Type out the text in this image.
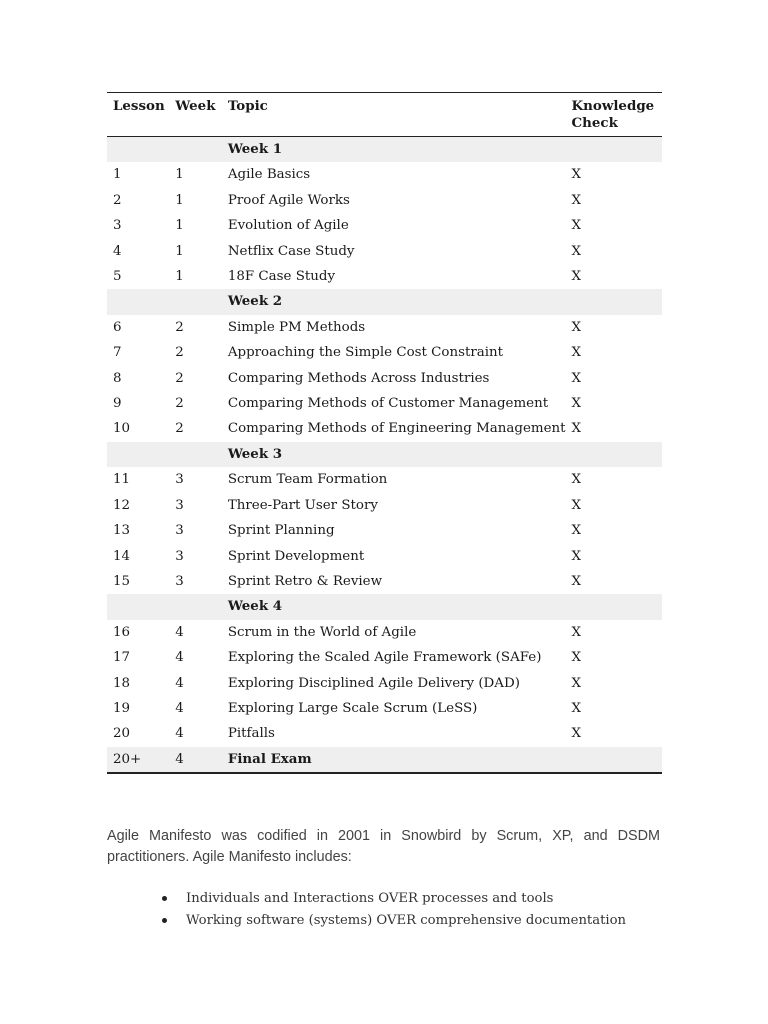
Lesson	Week	Topic	Knowledge Check
		Week 1	
1	1	Agile Basics	X
2	1	Proof Agile Works	X
3	1	Evolution of Agile	X
4	1	Netflix Case Study	X
5	1	18F Case Study	X
		Week 2	
6	2	Simple PM Methods	X
7	2	Approaching the Simple Cost Constraint	X
8	2	Comparing Methods Across Industries	X
9	2	Comparing Methods of Customer Management	X
10	2	Comparing Methods of Engineering Management	X
		Week 3	
11	3	Scrum Team Formation	X
12	3	Three-Part User Story	X
13	3	Sprint Planning	X
14	3	Sprint Development	X
15	3	Sprint Retro & Review	X
		Week 4	
16	4	Scrum in the World of Agile	X
17	4	Exploring the Scaled Agile Framework (SAFe)	X
18	4	Exploring Disciplined Agile Delivery (DAD)	X
19	4	Exploring Large Scale Scrum (LeSS)	X
20	4	Pitfalls	X
20+	4	Final Exam	

Agile Manifesto was codified in 2001 in Snowbird by Scrum, XP, and DSDM practitioners. Agile Manifesto includes:

Individuals and Interactions OVER processes and tools
Working software (systems) OVER comprehensive documentation
